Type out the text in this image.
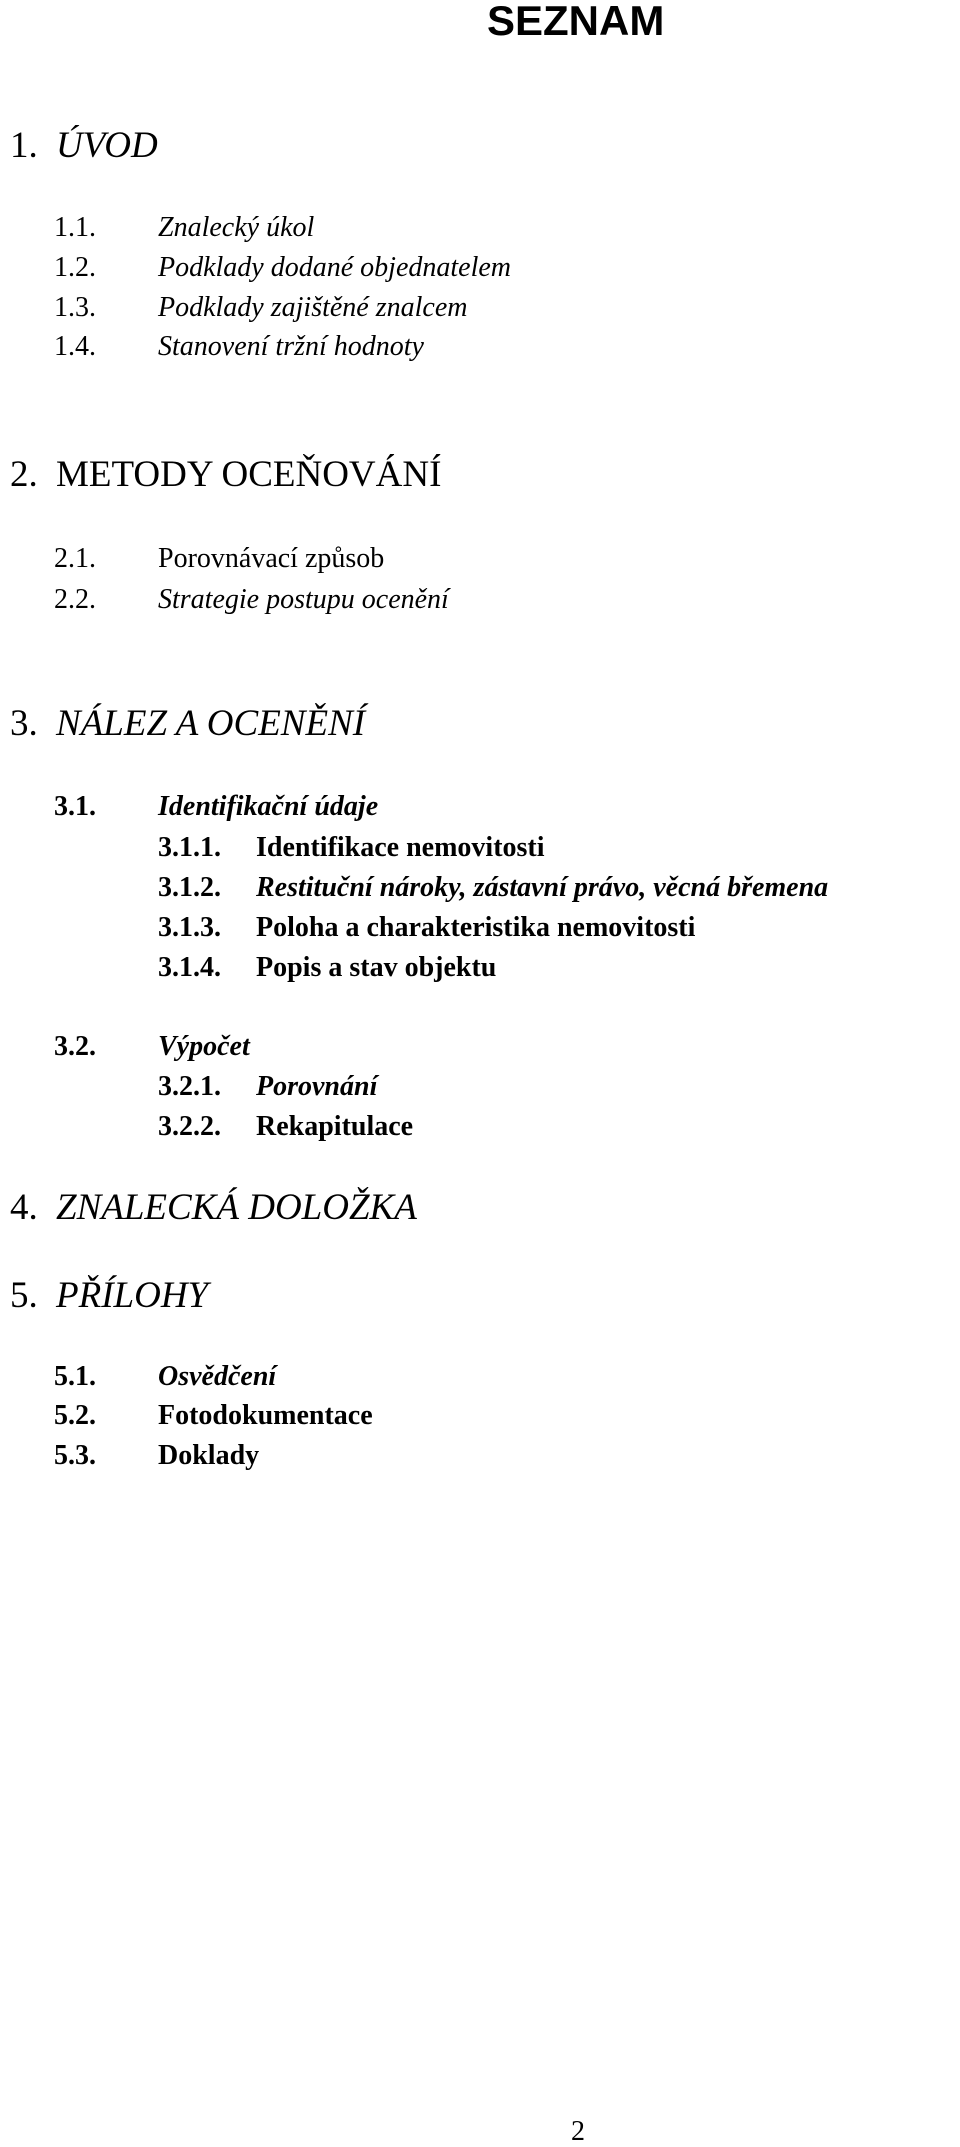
SEZNAM
1. ÚVOD
1.1. Znalecký úkol
1.2. Podklady dodané objednatelem
1.3. Podklady zajištěné znalcem
1.4. Stanovení tržní hodnoty
2. METODY OCEŇOVÁNÍ
2.1. Porovnávací způsob
2.2. Strategie postupu ocenění
3. NÁLEZ A OCENĚNÍ
3.1. Identifikační údaje
3.1.1. Identifikace nemovitosti
3.1.2. Restituční nároky, zástavní právo, věcná břemena
3.1.3. Poloha a charakteristika nemovitosti
3.1.4. Popis a stav objektu
3.2. Výpočet
3.2.1. Porovnání
3.2.2. Rekapitulace
4. ZNALECKÁ DOLOŽKA
5. PŘÍLOHY
5.1. Osvědčení
5.2. Fotodokumentace
5.3. Doklady
2
